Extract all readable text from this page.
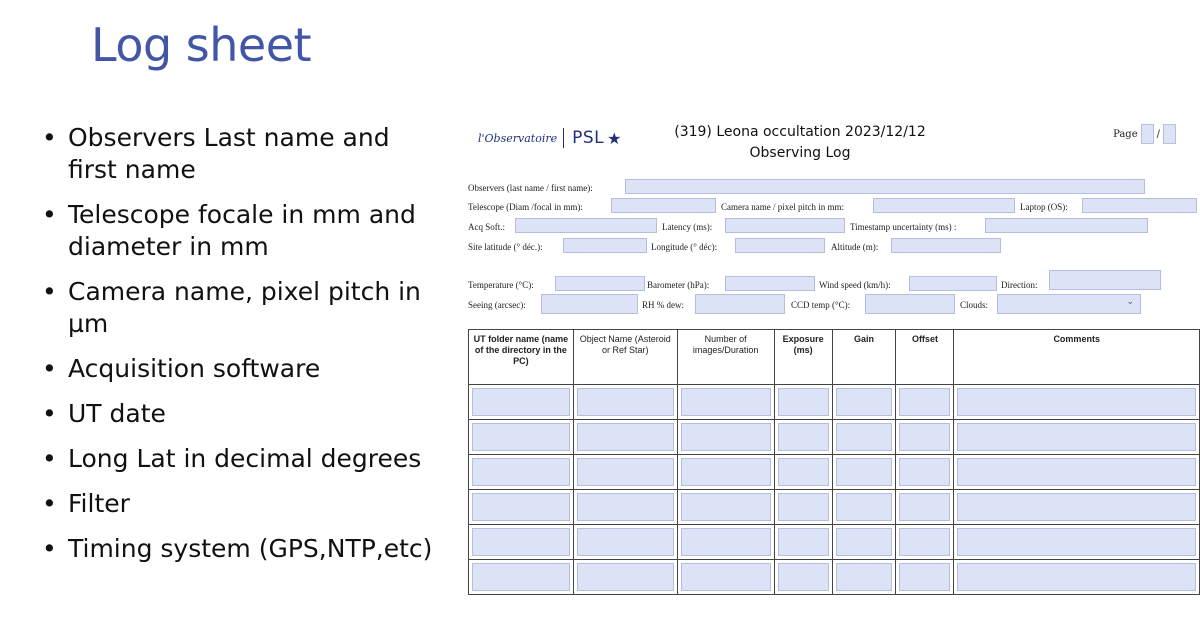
Log sheet
• Observers Last name and first name
• Telescope focale in mm and diameter in mm
• Camera name, pixel pitch in µm
• Acquisition software
• UT date
• Long Lat in decimal degrees
• Filter
• Timing system (GPS,NTP,etc)
l'Observatoire PSL ★	(319) Leona occultation 2023/12/12
Observing Log
Page /
Observers (last name / first name):
Telescope (Diam /focal in mm):	Camera name / pixel pitch in mm:	Laptop (OS):
Acq Soft.:	Latency (ms):	Timestamp uncertainty (ms) :
Site latitude (° déc.):	Longitude (° déc):	Altitude (m):
Temperature (°C):	Barometer (hPa):	Wind speed (km/h):	Direction:
Seeing (arcsec):	RH % dew:	CCD temp (°C):	Clouds:	⌄
UT folder name (name of the directory in the PC)	Object Name (Asteroid or Ref Star)	Number of images/Duration	Exposure (ms)	Gain	Offset	Comments
